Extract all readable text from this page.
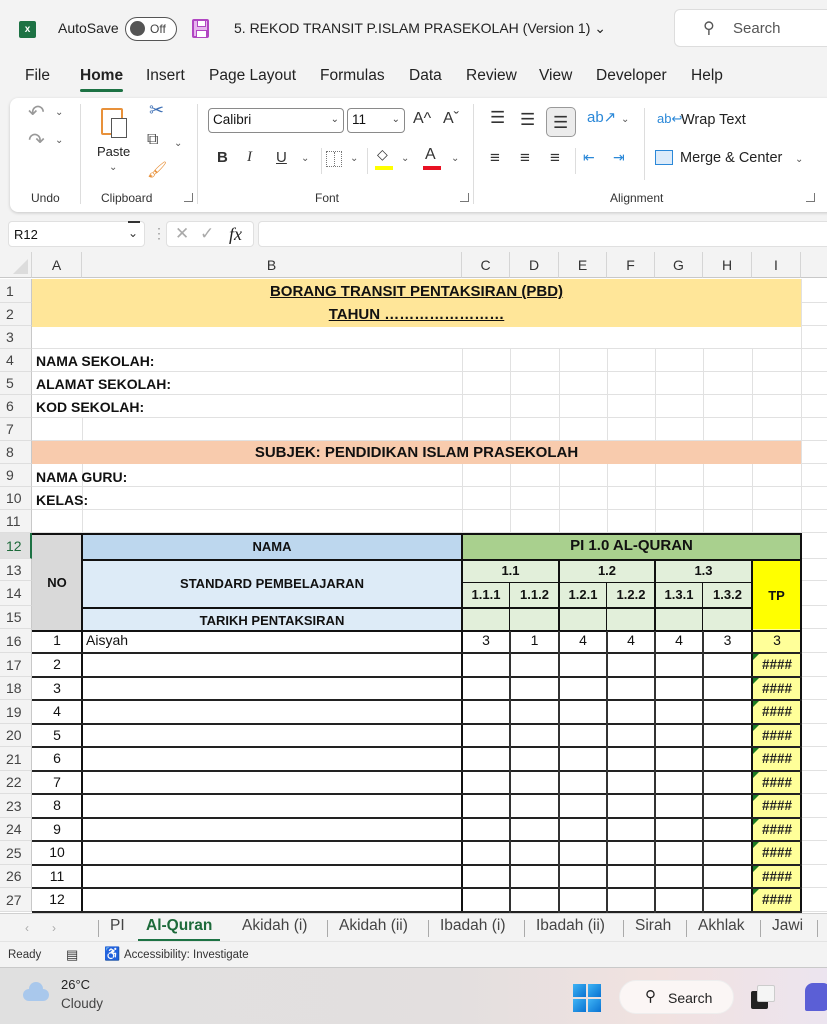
x	AutoSave	Off	5. REKOD TRANSIT P.ISLAM PRASEKOLAH (Version 1) ⌄	⚲ Search
File Home Insert Page Layout Formulas Data Review View Developer Help
↶ ⌄
↷ ⌄
Undo
Paste
⌄
✂
⧉ ⌄
🖌
Clipboard
Calibri	⌄ 11	⌄ A^ Aˇ
B I U ⌄	⌄ ◇ ⌄ A ⌄
Font
☰ ☰ ☰ ab↗ ⌄
≡ ≡ ≡ ⇤ ⇥
ab↩
Wrap Text
Merge & Center ⌄
Alignment
R12	⌄ ⋮ ✕ ✓ fx
A	B	C	D	E	F	G	H	I
1
2
3
4
5
6
7
8
9
10
11
12
13
14
15
16
17
18
19
20
21
22
23
24
25
26
27
BORANG TRANSIT PENTAKSIRAN (PBD)
TAHUN ……………………
NAMA SEKOLAH:
ALAMAT SEKOLAH:
KOD SEKOLAH:
SUBJEK: PENDIDIKAN ISLAM PRASEKOLAH
NAMA GURU:
KELAS:
NO
NAMA
STANDARD PEMBELAJARAN
TARIKH PENTAKSIRAN
PI 1.0 AL-QURAN
1.1	1.2	1.3
1.1.1	1.1.2	1.2.1	1.2.2	1.3.1	1.3.2	TP
1	Aisyah	3	1	4	4	4	3	3
2	####
3	####
4	####
5	####
6	####
7	####
8	####
9	####
10	####
11	####
12	####
‹ ›	PI Al-Quran Akidah (i) Akidah (ii) Ibadah (i) Ibadah (ii) Sirah Akhlak Jawi
Ready ▤ ♿ Accessibility: Investigate
26°C
Cloudy	⚲ Search
